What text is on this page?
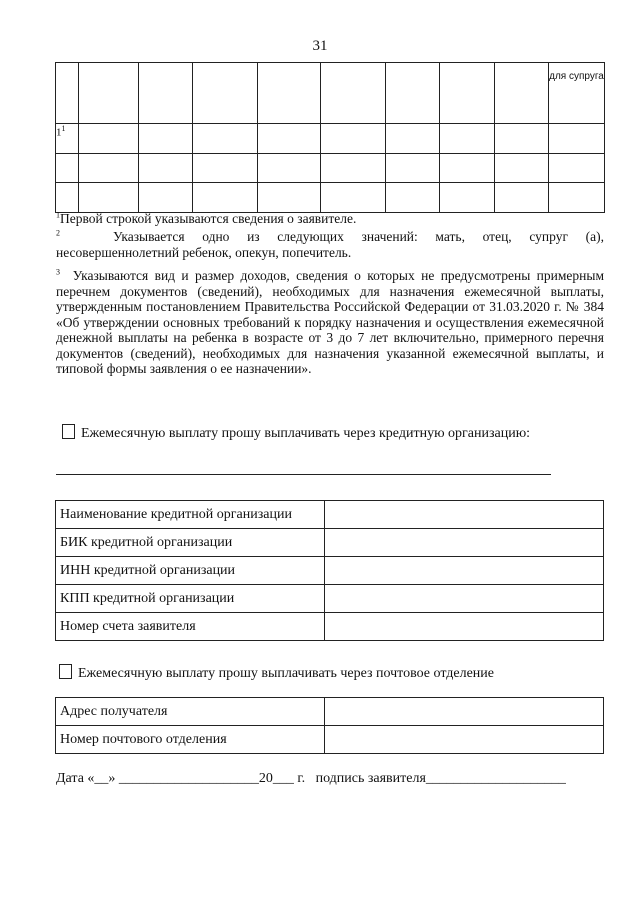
31
									для супруга
$1^1$									

$^1$Первой строкой указываются сведения о заявителе.
$^2$	Указывается одно из следующих значений: мать, отец, супруг (а),
несовершеннолетний ребенок, опекун, попечитель.
$^3$ Указываются вид и размер доходов, сведения о которых не предусмотрены примерным перечнем документов (сведений), необходимых для назначения ежемесячной выплаты, утвержденным постановлением Правительства Российской Федерации от 31.03.2020 г. № 384 «Об утверждении основных требований к порядку назначения и осуществления ежемесячной денежной выплаты на ребенка в возрасте от 3 до 7 лет включительно, примерного перечня документов (сведений), необходимых для назначения указанной ежемесячной выплаты, и типовой формы заявления о ее назначении».
Ежемесячную выплату прошу выплачивать через кредитную организацию:
Наименование кредитной организации	
БИК кредитной организации	
ИНН кредитной организации	
КПП кредитной организации	
Номер счета заявителя	
Ежемесячную выплату прошу выплачивать через почтовое отделение
Адрес получателя	
Номер почтового отделения	
Дата «__» ____________________20___ г. подпись заявителя____________________
